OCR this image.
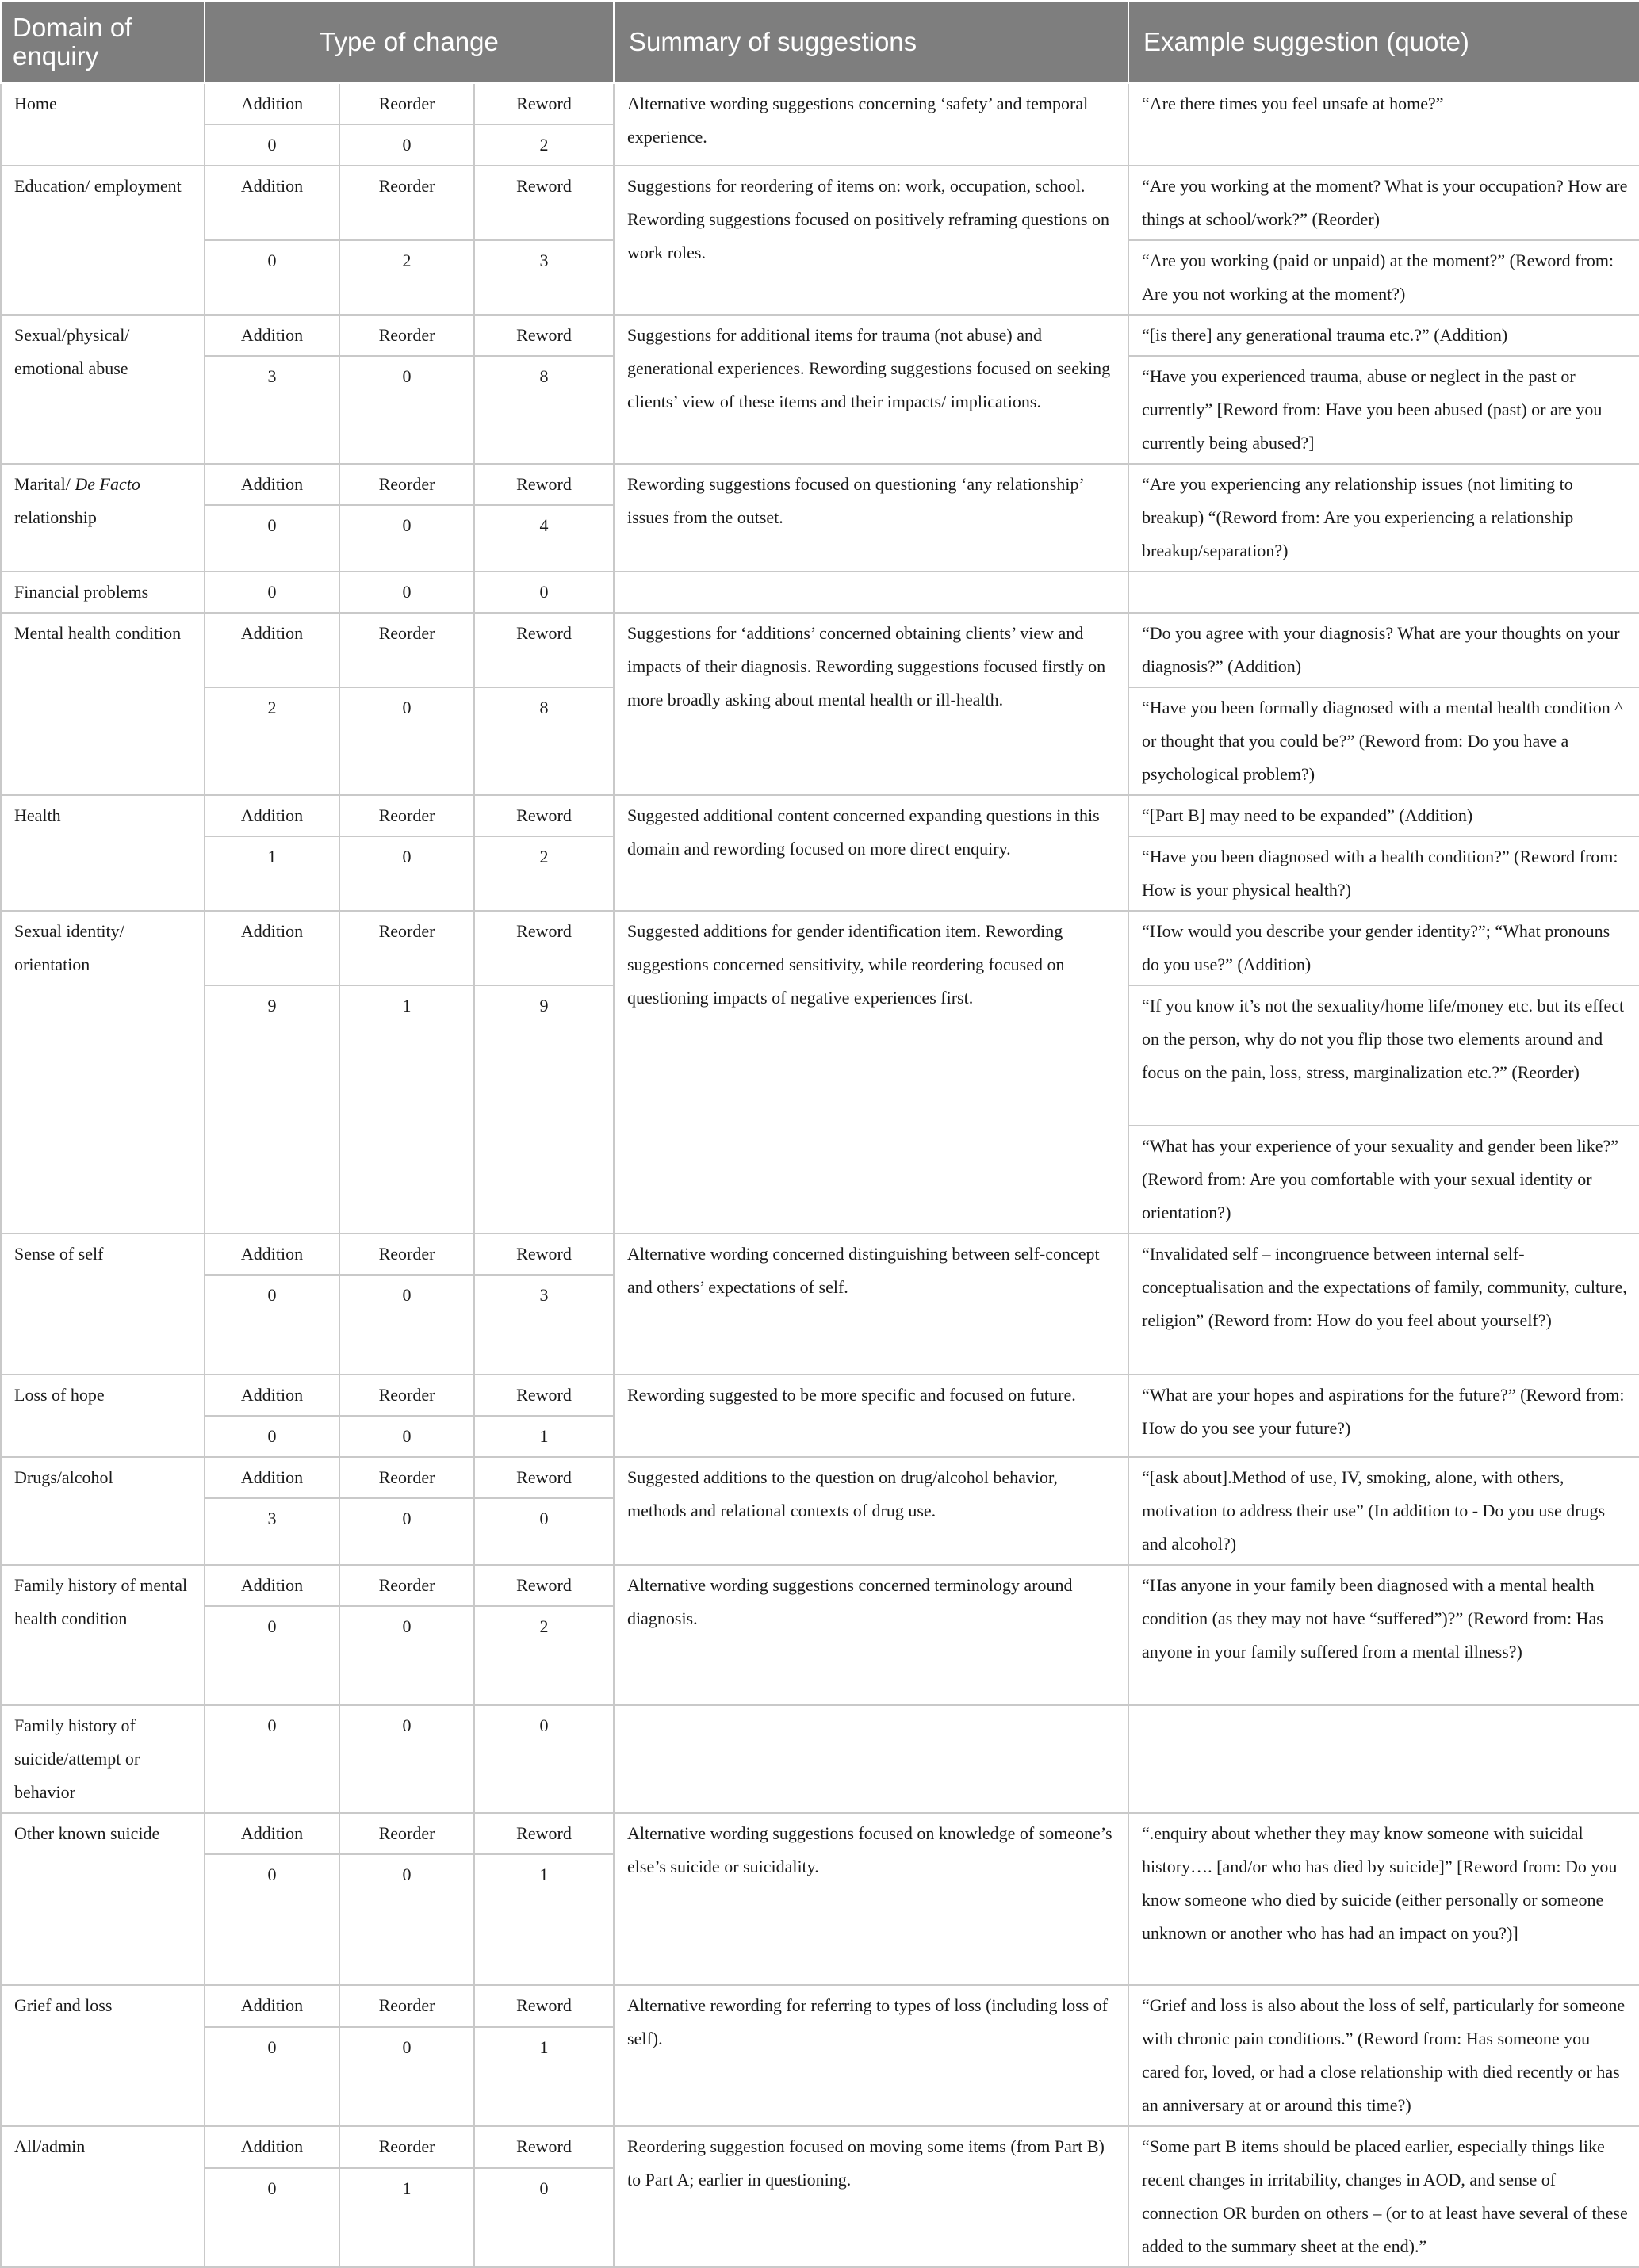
Domain of enquiry	Type of change			Summary of suggestions	Example suggestion (quote)
Home	Addition	Reorder	Reword	Alternative wording suggestions concerning ‘safety’ and temporal experience.	“Are there times you feel unsafe at home?”
	0	0	2		
Education/ employment	Addition	Reorder	Reword	Suggestions for reordering of items on: work, occupation, school. Rewording suggestions focused on positively reframing questions on work roles.	“Are you working at the moment? What is your occupation? How are things at school/work?” (Reorder)
	0	2	3		“Are you working (paid or unpaid) at the moment?” (Reword from: Are you not working at the moment?)
Sexual/physical/ emotional abuse	Addition	Reorder	Reword	Suggestions for additional items for trauma (not abuse) and generational experiences. Rewording suggestions focused on seeking clients’ view of these items and their impacts/ implications.	“[is there] any generational trauma etc.?” (Addition)
	3	0	8		“Have you experienced trauma, abuse or neglect in the past or currently” [Reword from: Have you been abused (past) or are you currently being abused?]
Marital/ De Facto relationship	Addition	Reorder	Reword	Rewording suggestions focused on questioning ‘any relationship’ issues from the outset.	“Are you experiencing any relationship issues (not limiting to breakup) “(Reword from: Are you experiencing a relationship breakup/separation?)
	0	0	4		
Financial problems	0	0	0		
Mental health condition	Addition	Reorder	Reword	Suggestions for ‘additions’ concerned obtaining clients’ view and impacts of their diagnosis. Rewording suggestions focused firstly on more broadly asking about mental health or ill-health.	“Do you agree with your diagnosis? What are your thoughts on your diagnosis?” (Addition)
	2	0	8		“Have you been formally diagnosed with a mental health condition ^ or thought that you could be?” (Reword from: Do you have a psychological problem?)
Health	Addition	Reorder	Reword	Suggested additional content concerned expanding questions in this domain and rewording focused on more direct enquiry.	“[Part B] may need to be expanded” (Addition)
	1	0	2		“Have you been diagnosed with a health condition?” (Reword from: How is your physical health?)
Sexual identity/ orientation	Addition	Reorder	Reword	Suggested additions for gender identification item. Rewording suggestions concerned sensitivity, while reordering focused on questioning impacts of negative experiences first.	“How would you describe your gender identity?”; “What pronouns do you use?” (Addition)
	9	1	9		“If you know it’s not the sexuality/home life/money etc. but its effect on the person, why do not you flip those two elements around and focus on the pain, loss, stress, marginalization etc.?” (Reorder)
					“What has your experience of your sexuality and gender been like?” (Reword from: Are you comfortable with your sexual identity or orientation?)
Sense of self	Addition	Reorder	Reword	Alternative wording concerned distinguishing between self-concept and others’ expectations of self.	“Invalidated self – incongruence between internal self-conceptualisation and the expectations of family, community, culture, religion” (Reword from: How do you feel about yourself?)
	0	0	3		
Loss of hope	Addition	Reorder	Reword	Rewording suggested to be more specific and focused on future.	“What are your hopes and aspirations for the future?” (Reword from: How do you see your future?)
	0	0	1		
Drugs/alcohol	Addition	Reorder	Reword	Suggested additions to the question on drug/alcohol behavior, methods and relational contexts of drug use.	“[ask about].Method of use, IV, smoking, alone, with others, motivation to address their use” (In addition to - Do you use drugs and alcohol?)
	3	0	0		
Family history of mental health condition	Addition	Reorder	Reword	Alternative wording suggestions concerned terminology around diagnosis.	“Has anyone in your family been diagnosed with a mental health condition (as they may not have “suffered”)?” (Reword from: Has anyone in your family suffered from a mental illness?)
	0	0	2		
Family history of suicide/attempt or behavior	0	0	0		
Other known suicide	Addition	Reorder	Reword	Alternative wording suggestions focused on knowledge of someone’s else’s suicide or suicidality.	“.enquiry about whether they may know someone with suicidal history…. [and/or who has died by suicide]” [Reword from: Do you know someone who died by suicide (either personally or someone unknown or another who has had an impact on you?)]
	0	0	1		
Grief and loss	Addition	Reorder	Reword	Alternative rewording for referring to types of loss (including loss of self).	“Grief and loss is also about the loss of self, particularly for someone with chronic pain conditions.” (Reword from: Has someone you cared for, loved, or had a close relationship with died recently or has an anniversary at or around this time?)
	0	0	1		
All/admin	Addition	Reorder	Reword	Reordering suggestion focused on moving some items (from Part B) to Part A; earlier in questioning.	“Some part B items should be placed earlier, especially things like recent changes in irritability, changes in AOD, and sense of connection OR burden on others – (or to at least have several of these added to the summary sheet at the end).”
	0	1	0		
